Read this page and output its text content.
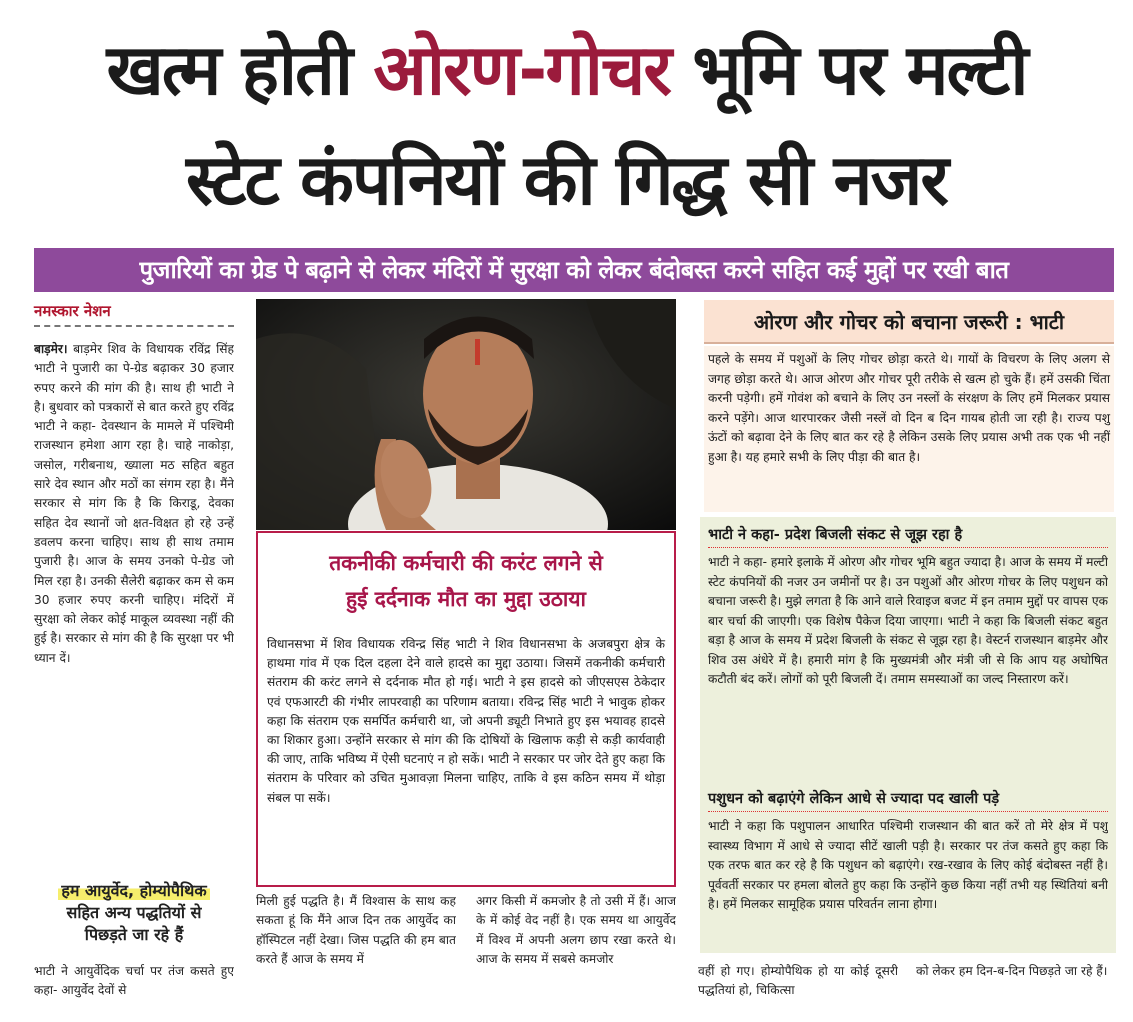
खत्म होती ओरण-गोचर भूमि पर मल्टी
स्टेट कंपनियों की गिद्ध सी नजर
पुजारियों का ग्रेड पे बढ़ाने से लेकर मंदिरों में सुरक्षा को लेकर बंदोबस्त करने सहित कई मुद्दों पर रखी बात
नमस्कार नेशन
बाड़मेर। बाड़मेर शिव के विधायक रविंद्र सिंह भाटी ने पुजारी का पे-ग्रेड बढ़ाकर 30 हजार रुपए करने की मांग की है। साथ ही भाटी ने है। बुधवार को पत्रकारों से बात करते हुए रविंद्र भाटी ने कहा- देवस्थान के मामले में पश्चिमी राजस्थान हमेशा आग रहा है। चाहे नाकोड़ा, जसोल, गरीबनाथ, ख्याला मठ सहित बहुत सारे देव स्थान और मठों का संगम रहा है। मैंने सरकार से मांग कि है कि किराडू, देवका सहित देव स्थानों जो क्षत-विक्षत हो रहे उन्हें डवलप करना चाहिए। साथ ही साथ तमाम पुजारी है। आज के समय उनको पे-ग्रेड जो मिल रहा है। उनकी सैलेरी बढ़ाकर कम से कम 30 हजार रुपए करनी चाहिए। मंदिरों में सुरक्षा को लेकर कोई माकूल व्यवस्था नहीं की हुई है। सरकार से मांग की है कि सुरक्षा पर भी ध्यान दें।
हम आयुर्वेद, होम्योपैथिक
सहित अन्य पद्धतियों से
पिछड़ते जा रहे हैं
भाटी ने आयुर्वेदिक चर्चा पर तंज कसते हुए कहा- आयुर्वेद देवों से
तकनीकी कर्मचारी की करंट लगने से
हुई दर्दनाक मौत का मुद्दा उठाया
विधानसभा में शिव विधायक रविन्द्र सिंह भाटी ने शिव विधानसभा के अजबपुरा क्षेत्र के हाथमा गांव में एक दिल दहला देने वाले हादसे का मुद्दा उठाया। जिसमें तकनीकी कर्मचारी संतराम की करंट लगने से दर्दनाक मौत हो गई। भाटी ने इस हादसे को जीएसएस ठेकेदार एवं एफआरटी की गंभीर लापरवाही का परिणाम बताया। रविन्द्र सिंह भाटी ने भावुक होकर कहा कि संतराम एक समर्पित कर्मचारी था, जो अपनी ड्यूटी निभाते हुए इस भयावह हादसे का शिकार हुआ। उन्होंने सरकार से मांग की कि दोषियों के खिलाफ कड़ी से कड़ी कार्यवाही की जाए, ताकि भविष्य में ऐसी घटनाएं न हो सकें। भाटी ने सरकार पर जोर देते हुए कहा कि संतराम के परिवार को उचित मुआवज़ा मिलना चाहिए, ताकि वे इस कठिन समय में थोड़ा संबल पा सकें।
मिली हुई पद्धति है। मैं विश्वास के साथ कह सकता हूं कि मैंने आज दिन तक आयुर्वेद का हॉस्पिटल नहीं देखा। जिस पद्धति की हम बात करते हैं आज के समय में
अगर किसी में कमजोर है तो उसी में हैं। आज के में कोई वेद नहीं है। एक समय था आयुर्वेद में विश्व में अपनी अलग छाप रखा करते थे। आज के समय में सबसे कमजोर
वहीं हो गए। होम्योपैथिक हो या कोई दूसरी पद्धतियां हो, चिकित्सा
को लेकर हम दिन-ब-दिन पिछड़ते जा रहे हैं।
ओरण और गोचर को बचाना जरूरी : भाटी
पहले के समय में पशुओं के लिए गोचर छोड़ा करते थे। गायों के विचरण के लिए अलग से जगह छोड़ा करते थे। आज ओरण और गोचर पूरी तरीके से खत्म हो चुके हैं। हमें उसकी चिंता करनी पड़ेगी। हमें गोवंश को बचाने के लिए उन नस्लों के संरक्षण के लिए हमें मिलकर प्रयास करने पड़ेंगे। आज थारपारकर जैसी नस्लें वो दिन ब दिन गायब होती जा रही है। राज्य पशु ऊंटों को बढ़ावा देने के लिए बात कर रहे है लेकिन उसके लिए प्रयास अभी तक एक भी नहीं हुआ है। यह हमारे सभी के लिए पीड़ा की बात है।
भाटी ने कहा- प्रदेश बिजली संकट से जूझ रहा है
भाटी ने कहा- हमारे इलाके में ओरण और गोचर भूमि बहुत ज्यादा है। आज के समय में मल्टी स्टेट कंपनियों की नजर उन जमीनों पर है। उन पशुओं और ओरण गोचर के लिए पशुधन को बचाना जरूरी है। मुझे लगता है कि आने वाले रिवाइज बजट में इन तमाम मुद्दों पर वापस एक बार चर्चा की जाएगी। एक विशेष पैकेज दिया जाएगा। भाटी ने कहा कि बिजली संकट बहुत बड़ा है आज के समय में प्रदेश बिजली के संकट से जूझ रहा है। वेस्टर्न राजस्थान बाड़मेर और शिव उस अंधेरे में है। हमारी मांग है कि मुख्यमंत्री और मंत्री जी से कि आप यह अघोषित कटौती बंद करें। लोगों को पूरी बिजली दें। तमाम समस्याओं का जल्द निस्तारण करें।
पशुधन को बढ़ाएंगे लेकिन आधे से ज्यादा पद खाली पड़े
भाटी ने कहा कि पशुपालन आधारित पश्चिमी राजस्थान की बात करें तो मेरे क्षेत्र में पशु स्वास्थ्य विभाग में आधे से ज्यादा सीटें खाली पड़ी है। सरकार पर तंज कसते हुए कहा कि एक तरफ बात कर रहे है कि पशुधन को बढ़ाएंगे। रख-रखाव के लिए कोई बंदोबस्त नहीं है। पूर्ववर्ती सरकार पर हमला बोलते हुए कहा कि उन्होंने कुछ किया नहीं तभी यह स्थितियां बनी है। हमें मिलकर सामूहिक प्रयास परिवर्तन लाना होगा।
